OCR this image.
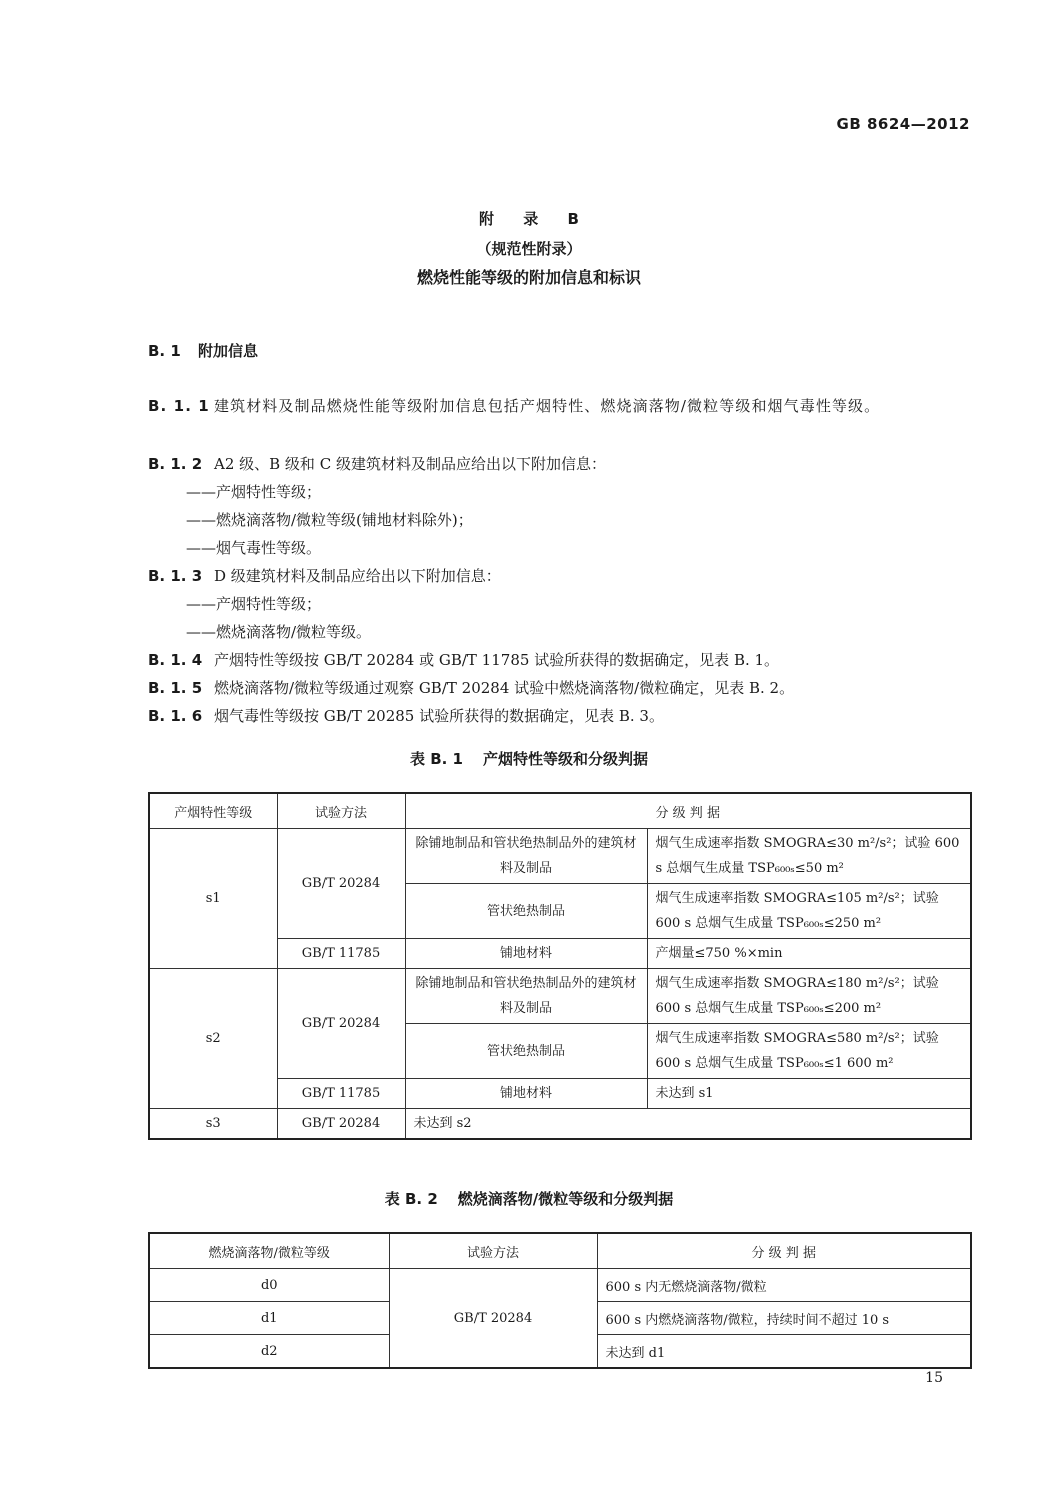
GB 8624—2012
附 录 B
（规范性附录）
燃烧性能等级的附加信息和标识
B. 1 附加信息

B. 1. 1 建筑材料及制品燃烧性能等级附加信息包括产烟特性、燃烧滴落物/微粒等级和烟气毒性等级。

B. 1. 2 A2 级、B 级和 C 级建筑材料及制品应给出以下附加信息：

——产烟特性等级；

——燃烧滴落物/微粒等级(铺地材料除外)；

——烟气毒性等级。

B. 1. 3 D 级建筑材料及制品应给出以下附加信息：

——产烟特性等级；

——燃烧滴落物/微粒等级。

B. 1. 4 产烟特性等级按 GB/T 20284 或 GB/T 11785 试验所获得的数据确定，见表 B. 1。

B. 1. 5 燃烧滴落物/微粒等级通过观察 GB/T 20284 试验中燃烧滴落物/微粒确定，见表 B. 2。

B. 1. 6 烟气毒性等级按 GB/T 20285 试验所获得的数据确定，见表 B. 3。

表 B. 1 产烟特性等级和分级判据
产烟特性等级	试验方法	分 级 判 据	
s1	GB/T 20284	除铺地制品和管状绝热制品外的建筑材料及制品	烟气生成速率指数 SMOGRA≤30 m²/s²；试验 600 s 总烟气生成量 TSP₆₀₀ₛ≤50 m²
		管状绝热制品	烟气生成速率指数 SMOGRA≤105 m²/s²；试验 600 s 总烟气生成量 TSP₆₀₀ₛ≤250 m²
	GB/T 11785	铺地材料	产烟量≤750 %×min
s2	GB/T 20284	除铺地制品和管状绝热制品外的建筑材料及制品	烟气生成速率指数 SMOGRA≤180 m²/s²；试验 600 s 总烟气生成量 TSP₆₀₀ₛ≤200 m²
		管状绝热制品	烟气生成速率指数 SMOGRA≤580 m²/s²；试验 600 s 总烟气生成量 TSP₆₀₀ₛ≤1 600 m²
	GB/T 11785	铺地材料	未达到 s1
s3	GB/T 20284	未达到 s2	
表 B. 2 燃烧滴落物/微粒等级和分级判据
燃烧滴落物/微粒等级	试验方法	分 级 判 据
d0	GB/T 20284	600 s 内无燃烧滴落物/微粒
d1		600 s 内燃烧滴落物/微粒，持续时间不超过 10 s
d2		未达到 d1
15
